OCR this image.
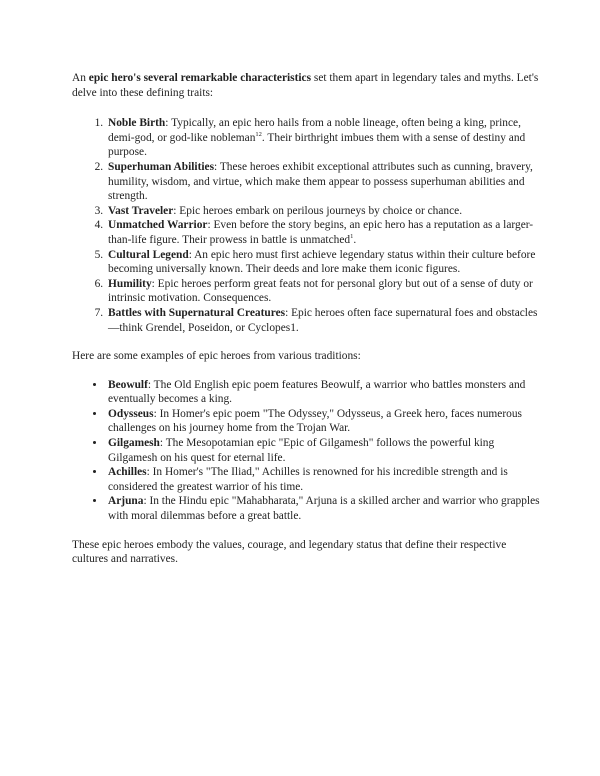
An epic hero's several remarkable characteristics set them apart in legendary tales and myths. Let's delve into these defining traits:

1. Noble Birth: Typically, an epic hero hails from a noble lineage, often being a king, prince, demi-god, or god-like nobleman$^{12}$. Their birthright imbues them with a sense of destiny and purpose.
2. Superhuman Abilities: These heroes exhibit exceptional attributes such as cunning, bravery, humility, wisdom, and virtue, which make them appear to possess superhuman abilities and strength.
3. Vast Traveler: Epic heroes embark on perilous journeys by choice or chance.
4. Unmatched Warrior: Even before the story begins, an epic hero has a reputation as a larger-than-life figure. Their prowess in battle is unmatched$^1$.
5. Cultural Legend: An epic hero must first achieve legendary status within their culture before becoming universally known. Their deeds and lore make them iconic figures.
6. Humility: Epic heroes perform great feats not for personal glory but out of a sense of duty or intrinsic motivation. Consequences.
7. Battles with Supernatural Creatures: Epic heroes often face supernatural foes and obstacles—think Grendel, Poseidon, or Cyclopes1.

Here are some examples of epic heroes from various traditions:

• Beowulf: The Old English epic poem features Beowulf, a warrior who battles monsters and eventually becomes a king.
• Odysseus: In Homer's epic poem "The Odyssey," Odysseus, a Greek hero, faces numerous challenges on his journey home from the Trojan War.
• Gilgamesh: The Mesopotamian epic "Epic of Gilgamesh" follows the powerful king Gilgamesh on his quest for eternal life.
• Achilles: In Homer's "The Iliad," Achilles is renowned for his incredible strength and is considered the greatest warrior of his time.
• Arjuna: In the Hindu epic "Mahabharata," Arjuna is a skilled archer and warrior who grapples with moral dilemmas before a great battle.

These epic heroes embody the values, courage, and legendary status that define their respective cultures and narratives.
